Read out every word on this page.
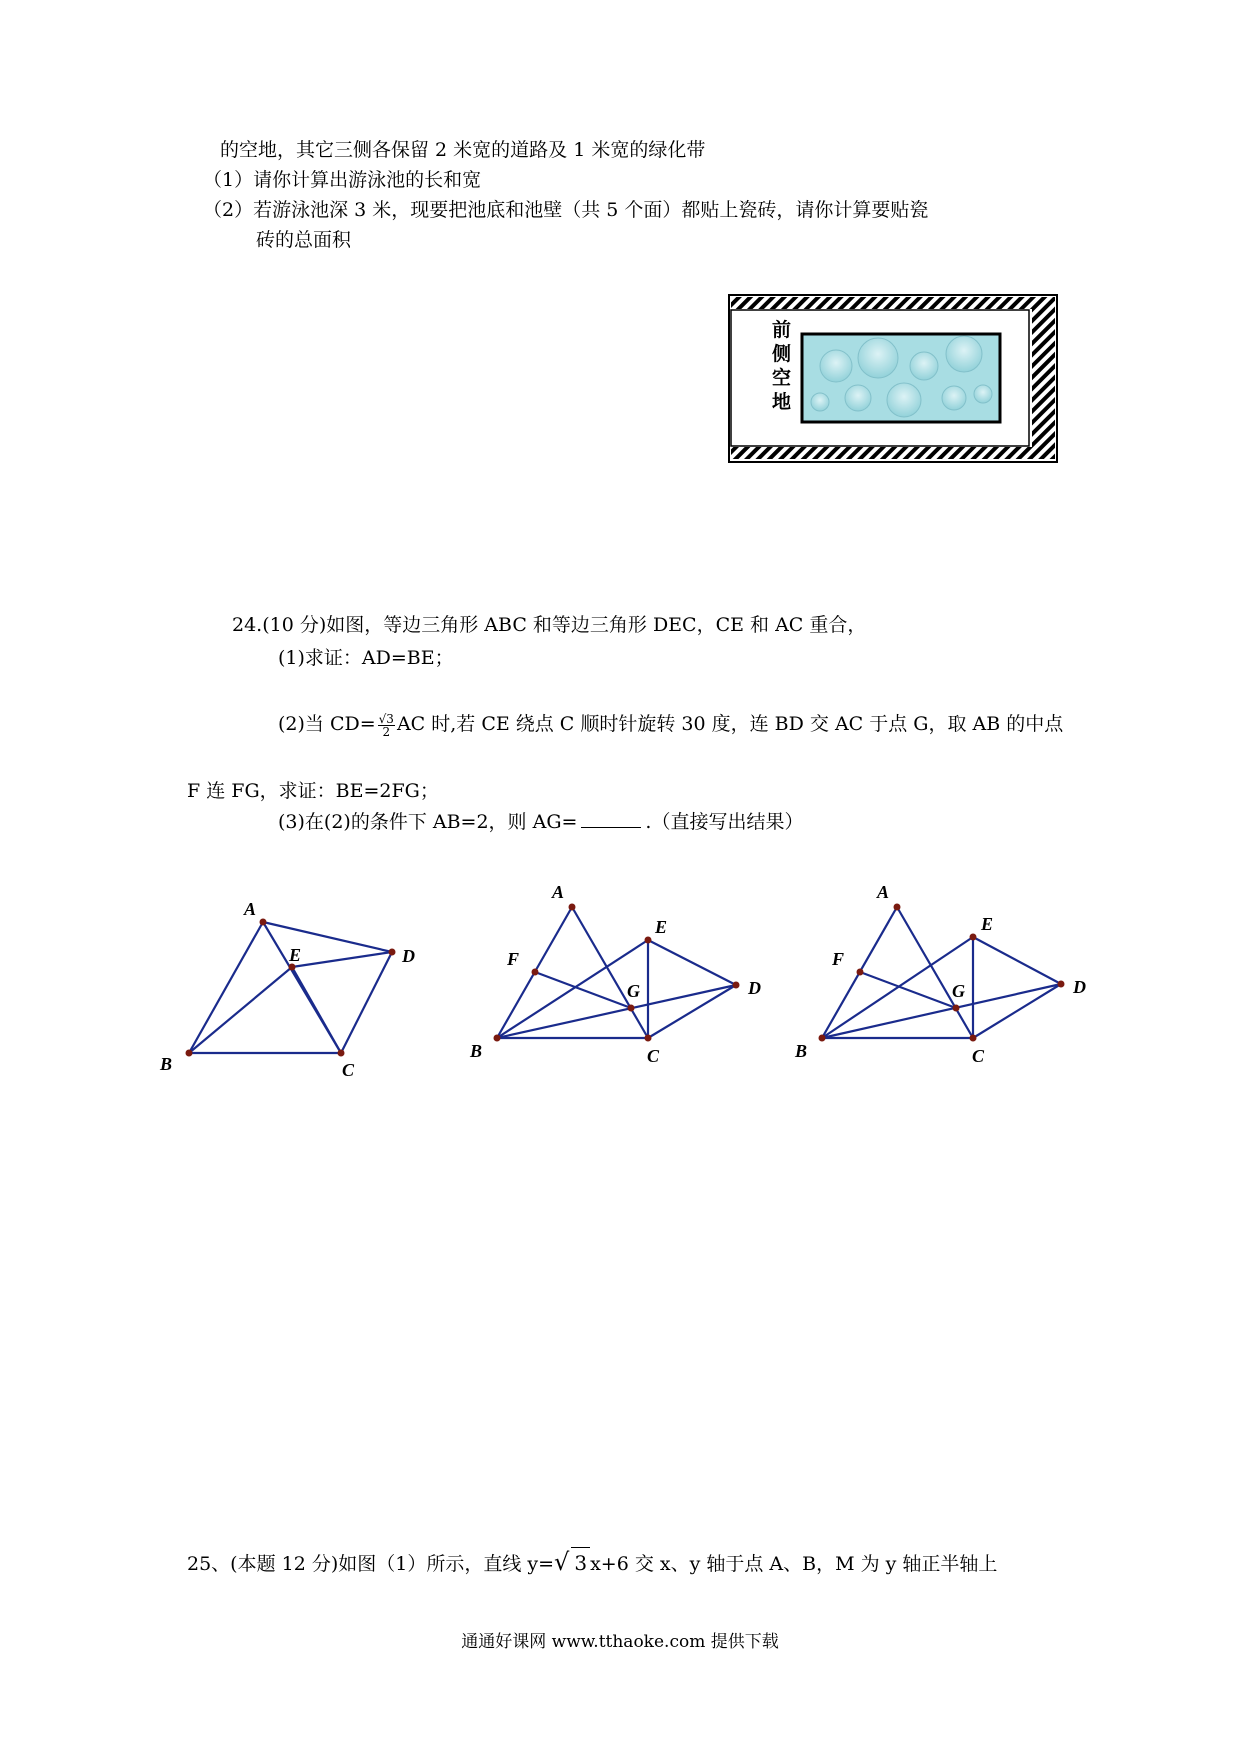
的空地，其它三侧各保留 2 米宽的道路及 1 米宽的绿化带
（1）请你计算出游泳池的长和宽
（2）若游泳池深 3 米，现要把池底和池壁（共 5 个面）都贴上瓷砖，请你计算要贴瓷
砖的总面积
前侧空地
24.(10 分)如图，等边三角形 ABC 和等边三角形 DEC，CE 和 AC 重合，
(1)求证：AD=BE；
(2)当 $CD= \frac{√3}{2}$ AC 时,若 CE 绕点 C 顺时针旋转 30 度，连 BD 交 AC 于点 G，取 AB 的中点
F 连 FG，求证：BE=2FG；
(3)在(2)的条件下 AB=2，则 AG=	.（直接写出结果）
A
E	D
B	C
A
E
F
G	D
B	C
A
E
F
G	D
B	C
25、(本题 12 分)如图（1）所示，直线 y=√ 3 x+6 交 x、y 轴于点 A、B，M 为 y 轴正半轴上
通通好课网 www.tthaoke.com 提供下载
